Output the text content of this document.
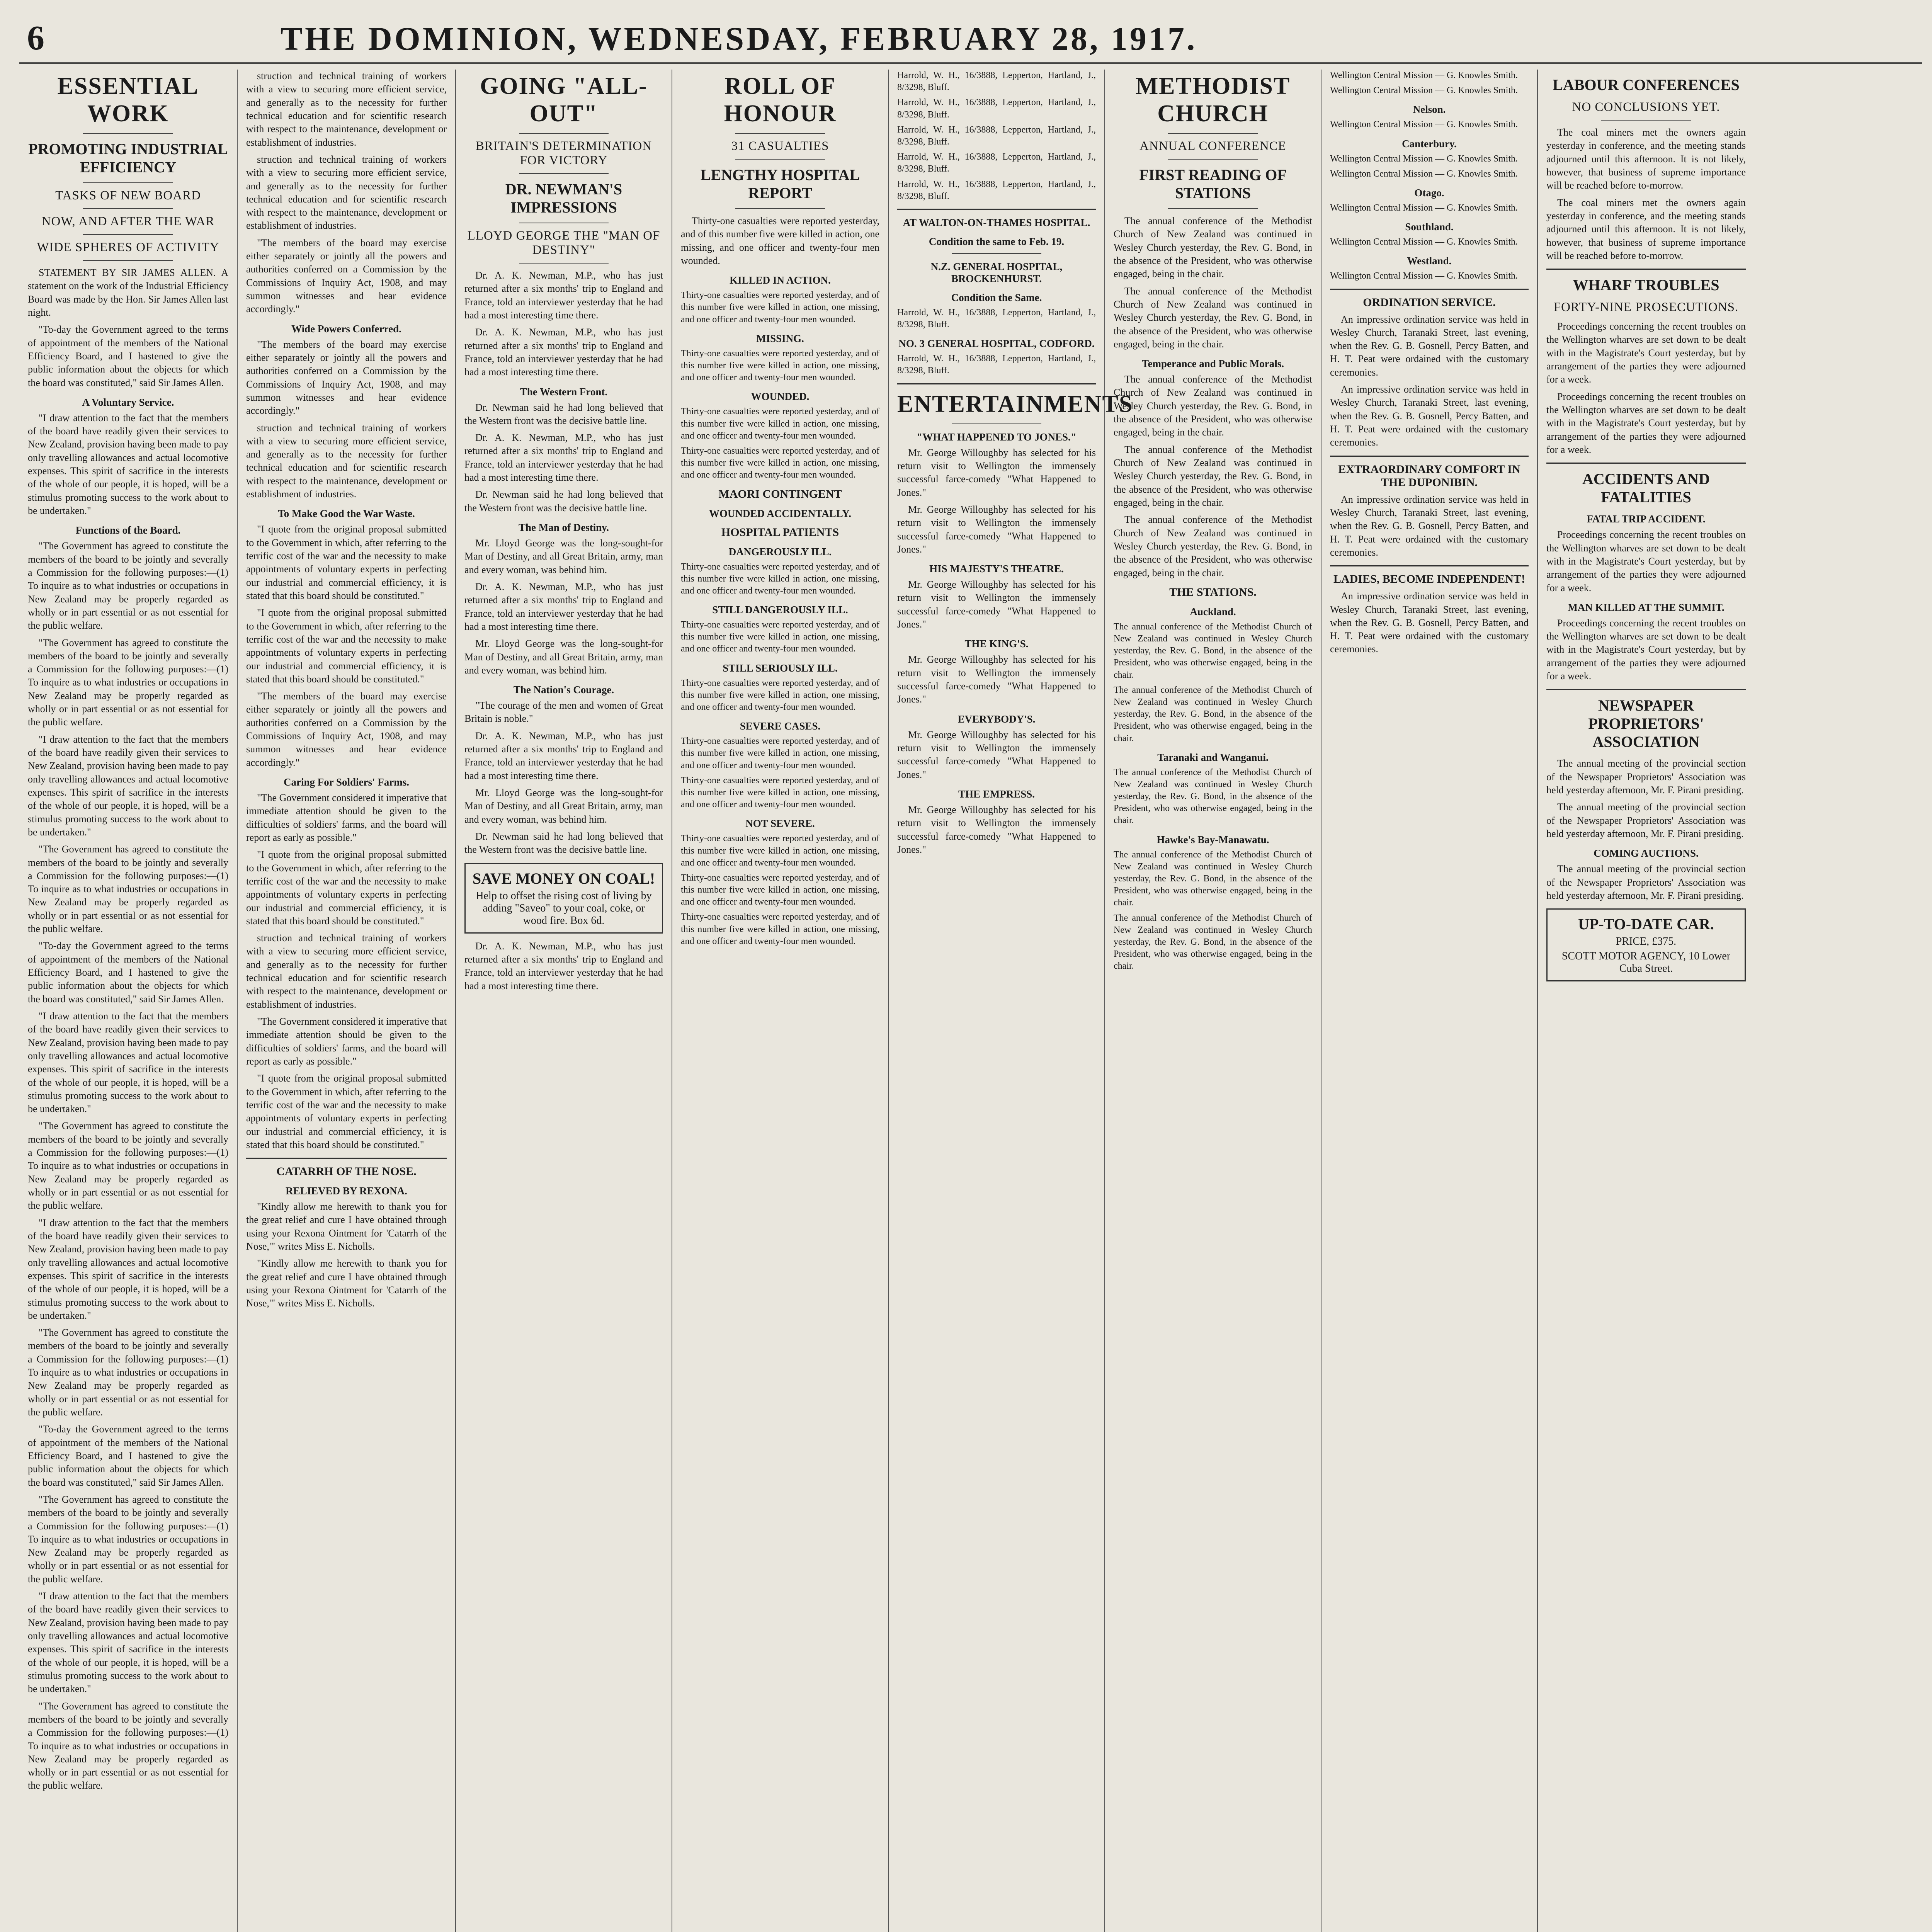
6	THE DOMINION, WEDNESDAY, FEBRUARY 28, 1917.
ESSENTIAL WORK
PROMOTING INDUSTRIAL EFFICIENCY
TASKS OF NEW BOARD
NOW, AND AFTER THE WAR
WIDE SPHERES OF ACTIVITY

STATEMENT BY SIR JAMES ALLEN. A statement on the work of the Industrial Efficiency Board was made by the Hon. Sir James Allen last night.

"To-day the Government agreed to the terms of appointment of the members of the National Efficiency Board, and I hastened to give the public information about the objects for which the board was constituted," said Sir James Allen.

A Voluntary Service.

"I draw attention to the fact that the members of the board have readily given their services to New Zealand, provision having been made to pay only travelling allowances and actual locomotive expenses. This spirit of sacrifice in the interests of the whole of our people, it is hoped, will be a stimulus promoting success to the work about to be undertaken."

Functions of the Board.

"The Government has agreed to constitute the members of the board to be jointly and severally a Commission for the following purposes:—(1) To inquire as to what industries or occupations in New Zealand may be properly regarded as wholly or in part essential or as not essential for the public welfare.

"The Government has agreed to constitute the members of the board to be jointly and severally a Commission for the following purposes:—(1) To inquire as to what industries or occupations in New Zealand may be properly regarded as wholly or in part essential or as not essential for the public welfare.

"I draw attention to the fact that the members of the board have readily given their services to New Zealand, provision having been made to pay only travelling allowances and actual locomotive expenses. This spirit of sacrifice in the interests of the whole of our people, it is hoped, will be a stimulus promoting success to the work about to be undertaken."

"The Government has agreed to constitute the members of the board to be jointly and severally a Commission for the following purposes:—(1) To inquire as to what industries or occupations in New Zealand may be properly regarded as wholly or in part essential or as not essential for the public welfare.

"To-day the Government agreed to the terms of appointment of the members of the National Efficiency Board, and I hastened to give the public information about the objects for which the board was constituted," said Sir James Allen.

"I draw attention to the fact that the members of the board have readily given their services to New Zealand, provision having been made to pay only travelling allowances and actual locomotive expenses. This spirit of sacrifice in the interests of the whole of our people, it is hoped, will be a stimulus promoting success to the work about to be undertaken."

"The Government has agreed to constitute the members of the board to be jointly and severally a Commission for the following purposes:—(1) To inquire as to what industries or occupations in New Zealand may be properly regarded as wholly or in part essential or as not essential for the public welfare.

"I draw attention to the fact that the members of the board have readily given their services to New Zealand, provision having been made to pay only travelling allowances and actual locomotive expenses. This spirit of sacrifice in the interests of the whole of our people, it is hoped, will be a stimulus promoting success to the work about to be undertaken."

"The Government has agreed to constitute the members of the board to be jointly and severally a Commission for the following purposes:—(1) To inquire as to what industries or occupations in New Zealand may be properly regarded as wholly or in part essential or as not essential for the public welfare.

"To-day the Government agreed to the terms of appointment of the members of the National Efficiency Board, and I hastened to give the public information about the objects for which the board was constituted," said Sir James Allen.

"The Government has agreed to constitute the members of the board to be jointly and severally a Commission for the following purposes:—(1) To inquire as to what industries or occupations in New Zealand may be properly regarded as wholly or in part essential or as not essential for the public welfare.

"I draw attention to the fact that the members of the board have readily given their services to New Zealand, provision having been made to pay only travelling allowances and actual locomotive expenses. This spirit of sacrifice in the interests of the whole of our people, it is hoped, will be a stimulus promoting success to the work about to be undertaken."

"The Government has agreed to constitute the members of the board to be jointly and severally a Commission for the following purposes:—(1) To inquire as to what industries or occupations in New Zealand may be properly regarded as wholly or in part essential or as not essential for the public welfare.

struction and technical training of workers with a view to securing more efficient service, and generally as to the necessity for further technical education and for scientific research with respect to the maintenance, development or establishment of industries.

struction and technical training of workers with a view to securing more efficient service, and generally as to the necessity for further technical education and for scientific research with respect to the maintenance, development or establishment of industries.

"The members of the board may exercise either separately or jointly all the powers and authorities conferred on a Commission by the Commissions of Inquiry Act, 1908, and may summon witnesses and hear evidence accordingly."

Wide Powers Conferred.

"The members of the board may exercise either separately or jointly all the powers and authorities conferred on a Commission by the Commissions of Inquiry Act, 1908, and may summon witnesses and hear evidence accordingly."

struction and technical training of workers with a view to securing more efficient service, and generally as to the necessity for further technical education and for scientific research with respect to the maintenance, development or establishment of industries.

To Make Good the War Waste.

"I quote from the original proposal submitted to the Government in which, after referring to the terrific cost of the war and the necessity to make appointments of voluntary experts in perfecting our industrial and commercial efficiency, it is stated that this board should be constituted."

"I quote from the original proposal submitted to the Government in which, after referring to the terrific cost of the war and the necessity to make appointments of voluntary experts in perfecting our industrial and commercial efficiency, it is stated that this board should be constituted."

"The members of the board may exercise either separately or jointly all the powers and authorities conferred on a Commission by the Commissions of Inquiry Act, 1908, and may summon witnesses and hear evidence accordingly."

Caring For Soldiers' Farms.

"The Government considered it imperative that immediate attention should be given to the difficulties of soldiers' farms, and the board will report as early as possible."

"I quote from the original proposal submitted to the Government in which, after referring to the terrific cost of the war and the necessity to make appointments of voluntary experts in perfecting our industrial and commercial efficiency, it is stated that this board should be constituted."

struction and technical training of workers with a view to securing more efficient service, and generally as to the necessity for further technical education and for scientific research with respect to the maintenance, development or establishment of industries.

"The Government considered it imperative that immediate attention should be given to the difficulties of soldiers' farms, and the board will report as early as possible."

"I quote from the original proposal submitted to the Government in which, after referring to the terrific cost of the war and the necessity to make appointments of voluntary experts in perfecting our industrial and commercial efficiency, it is stated that this board should be constituted."

CATARRH OF THE NOSE.
RELIEVED BY REXONA.

"Kindly allow me herewith to thank you for the great relief and cure I have obtained through using your Rexona Ointment for 'Catarrh of the Nose,'" writes Miss E. Nicholls.

"Kindly allow me herewith to thank you for the great relief and cure I have obtained through using your Rexona Ointment for 'Catarrh of the Nose,'" writes Miss E. Nicholls.

GOING "ALL-OUT"
BRITAIN'S DETERMINATION FOR VICTORY
DR. NEWMAN'S IMPRESSIONS
LLOYD GEORGE THE "MAN OF DESTINY"

Dr. A. K. Newman, M.P., who has just returned after a six months' trip to England and France, told an interviewer yesterday that he had had a most interesting time there.

Dr. A. K. Newman, M.P., who has just returned after a six months' trip to England and France, told an interviewer yesterday that he had had a most interesting time there.

The Western Front.

Dr. Newman said he had long believed that the Western front was the decisive battle line.

Dr. A. K. Newman, M.P., who has just returned after a six months' trip to England and France, told an interviewer yesterday that he had had a most interesting time there.

Dr. Newman said he had long believed that the Western front was the decisive battle line.

The Man of Destiny.

Mr. Lloyd George was the long-sought-for Man of Destiny, and all Great Britain, army, man and every woman, was behind him.

Dr. A. K. Newman, M.P., who has just returned after a six months' trip to England and France, told an interviewer yesterday that he had had a most interesting time there.

Mr. Lloyd George was the long-sought-for Man of Destiny, and all Great Britain, army, man and every woman, was behind him.

The Nation's Courage.

"The courage of the men and women of Great Britain is noble."

Dr. A. K. Newman, M.P., who has just returned after a six months' trip to England and France, told an interviewer yesterday that he had had a most interesting time there.

Mr. Lloyd George was the long-sought-for Man of Destiny, and all Great Britain, army, man and every woman, was behind him.

Dr. Newman said he had long believed that the Western front was the decisive battle line.

SAVE MONEY ON COAL!
Help to offset the rising cost of living by adding "Saveo" to your coal, coke, or wood fire. Box 6d.

Dr. A. K. Newman, M.P., who has just returned after a six months' trip to England and France, told an interviewer yesterday that he had had a most interesting time there.

ROLL OF HONOUR
31 CASUALTIES
LENGTHY HOSPITAL REPORT

Thirty-one casualties were reported yesterday, and of this number five were killed in action, one missing, and one officer and twenty-four men wounded.

KILLED IN ACTION.

Thirty-one casualties were reported yesterday, and of this number five were killed in action, one missing, and one officer and twenty-four men wounded.

MISSING.

Thirty-one casualties were reported yesterday, and of this number five were killed in action, one missing, and one officer and twenty-four men wounded.

WOUNDED.

Thirty-one casualties were reported yesterday, and of this number five were killed in action, one missing, and one officer and twenty-four men wounded.

Thirty-one casualties were reported yesterday, and of this number five were killed in action, one missing, and one officer and twenty-four men wounded.

MAORI CONTINGENT
WOUNDED ACCIDENTALLY.
HOSPITAL PATIENTS
DANGEROUSLY ILL.

Thirty-one casualties were reported yesterday, and of this number five were killed in action, one missing, and one officer and twenty-four men wounded.

STILL DANGEROUSLY ILL.

Thirty-one casualties were reported yesterday, and of this number five were killed in action, one missing, and one officer and twenty-four men wounded.

STILL SERIOUSLY ILL.

Thirty-one casualties were reported yesterday, and of this number five were killed in action, one missing, and one officer and twenty-four men wounded.

SEVERE CASES.

Thirty-one casualties were reported yesterday, and of this number five were killed in action, one missing, and one officer and twenty-four men wounded.

Thirty-one casualties were reported yesterday, and of this number five were killed in action, one missing, and one officer and twenty-four men wounded.

NOT SEVERE.

Thirty-one casualties were reported yesterday, and of this number five were killed in action, one missing, and one officer and twenty-four men wounded.

Thirty-one casualties were reported yesterday, and of this number five were killed in action, one missing, and one officer and twenty-four men wounded.

Thirty-one casualties were reported yesterday, and of this number five were killed in action, one missing, and one officer and twenty-four men wounded.

Harrold, W. H., 16/3888, Lepperton, Hartland, J., 8/3298, Bluff.

Harrold, W. H., 16/3888, Lepperton, Hartland, J., 8/3298, Bluff.

Harrold, W. H., 16/3888, Lepperton, Hartland, J., 8/3298, Bluff.

Harrold, W. H., 16/3888, Lepperton, Hartland, J., 8/3298, Bluff.

Harrold, W. H., 16/3888, Lepperton, Hartland, J., 8/3298, Bluff.

AT WALTON-ON-THAMES HOSPITAL.
Condition the same to Feb. 19.
N.Z. GENERAL HOSPITAL, BROCKENHURST.
Condition the Same.

Harrold, W. H., 16/3888, Lepperton, Hartland, J., 8/3298, Bluff.

NO. 3 GENERAL HOSPITAL, CODFORD.

Harrold, W. H., 16/3888, Lepperton, Hartland, J., 8/3298, Bluff.

ENTERTAINMENTS
"WHAT HAPPENED TO JONES."

Mr. George Willoughby has selected for his return visit to Wellington the immensely successful farce-comedy "What Happened to Jones."

Mr. George Willoughby has selected for his return visit to Wellington the immensely successful farce-comedy "What Happened to Jones."

HIS MAJESTY'S THEATRE.

Mr. George Willoughby has selected for his return visit to Wellington the immensely successful farce-comedy "What Happened to Jones."

THE KING'S.

Mr. George Willoughby has selected for his return visit to Wellington the immensely successful farce-comedy "What Happened to Jones."

EVERYBODY'S.

Mr. George Willoughby has selected for his return visit to Wellington the immensely successful farce-comedy "What Happened to Jones."

THE EMPRESS.

Mr. George Willoughby has selected for his return visit to Wellington the immensely successful farce-comedy "What Happened to Jones."

METHODIST CHURCH
ANNUAL CONFERENCE
FIRST READING OF STATIONS

The annual conference of the Methodist Church of New Zealand was continued in Wesley Church yesterday, the Rev. G. Bond, in the absence of the President, who was otherwise engaged, being in the chair.

The annual conference of the Methodist Church of New Zealand was continued in Wesley Church yesterday, the Rev. G. Bond, in the absence of the President, who was otherwise engaged, being in the chair.

Temperance and Public Morals.

The annual conference of the Methodist Church of New Zealand was continued in Wesley Church yesterday, the Rev. G. Bond, in the absence of the President, who was otherwise engaged, being in the chair.

The annual conference of the Methodist Church of New Zealand was continued in Wesley Church yesterday, the Rev. G. Bond, in the absence of the President, who was otherwise engaged, being in the chair.

The annual conference of the Methodist Church of New Zealand was continued in Wesley Church yesterday, the Rev. G. Bond, in the absence of the President, who was otherwise engaged, being in the chair.

THE STATIONS.
Auckland.

The annual conference of the Methodist Church of New Zealand was continued in Wesley Church yesterday, the Rev. G. Bond, in the absence of the President, who was otherwise engaged, being in the chair.

The annual conference of the Methodist Church of New Zealand was continued in Wesley Church yesterday, the Rev. G. Bond, in the absence of the President, who was otherwise engaged, being in the chair.

Taranaki and Wanganui.

The annual conference of the Methodist Church of New Zealand was continued in Wesley Church yesterday, the Rev. G. Bond, in the absence of the President, who was otherwise engaged, being in the chair.

Hawke's Bay-Manawatu.

The annual conference of the Methodist Church of New Zealand was continued in Wesley Church yesterday, the Rev. G. Bond, in the absence of the President, who was otherwise engaged, being in the chair.

The annual conference of the Methodist Church of New Zealand was continued in Wesley Church yesterday, the Rev. G. Bond, in the absence of the President, who was otherwise engaged, being in the chair.

Wellington Central Mission — G. Knowles Smith.

Wellington Central Mission — G. Knowles Smith.

Nelson.

Wellington Central Mission — G. Knowles Smith.

Canterbury.

Wellington Central Mission — G. Knowles Smith.

Wellington Central Mission — G. Knowles Smith.

Otago.

Wellington Central Mission — G. Knowles Smith.

Southland.

Wellington Central Mission — G. Knowles Smith.

Westland.

Wellington Central Mission — G. Knowles Smith.

ORDINATION SERVICE.

An impressive ordination service was held in Wesley Church, Taranaki Street, last evening, when the Rev. G. B. Gosnell, Percy Batten, and H. T. Peat were ordained with the customary ceremonies.

An impressive ordination service was held in Wesley Church, Taranaki Street, last evening, when the Rev. G. B. Gosnell, Percy Batten, and H. T. Peat were ordained with the customary ceremonies.

EXTRAORDINARY COMFORT IN THE DUPONIBIN.

An impressive ordination service was held in Wesley Church, Taranaki Street, last evening, when the Rev. G. B. Gosnell, Percy Batten, and H. T. Peat were ordained with the customary ceremonies.

LADIES, BECOME INDEPENDENT!

An impressive ordination service was held in Wesley Church, Taranaki Street, last evening, when the Rev. G. B. Gosnell, Percy Batten, and H. T. Peat were ordained with the customary ceremonies.

LABOUR CONFERENCES
NO CONCLUSIONS YET.

The coal miners met the owners again yesterday in conference, and the meeting stands adjourned until this afternoon. It is not likely, however, that business of supreme importance will be reached before to-morrow.

The coal miners met the owners again yesterday in conference, and the meeting stands adjourned until this afternoon. It is not likely, however, that business of supreme importance will be reached before to-morrow.

WHARF TROUBLES
FORTY-NINE PROSECUTIONS.

Proceedings concerning the recent troubles on the Wellington wharves are set down to be dealt with in the Magistrate's Court yesterday, but by arrangement of the parties they were adjourned for a week.

Proceedings concerning the recent troubles on the Wellington wharves are set down to be dealt with in the Magistrate's Court yesterday, but by arrangement of the parties they were adjourned for a week.

ACCIDENTS AND FATALITIES
FATAL TRIP ACCIDENT.

Proceedings concerning the recent troubles on the Wellington wharves are set down to be dealt with in the Magistrate's Court yesterday, but by arrangement of the parties they were adjourned for a week.

MAN KILLED AT THE SUMMIT.

Proceedings concerning the recent troubles on the Wellington wharves are set down to be dealt with in the Magistrate's Court yesterday, but by arrangement of the parties they were adjourned for a week.

NEWSPAPER PROPRIETORS' ASSOCIATION

The annual meeting of the provincial section of the Newspaper Proprietors' Association was held yesterday afternoon, Mr. F. Pirani presiding.

The annual meeting of the provincial section of the Newspaper Proprietors' Association was held yesterday afternoon, Mr. F. Pirani presiding.

COMING AUCTIONS.

The annual meeting of the provincial section of the Newspaper Proprietors' Association was held yesterday afternoon, Mr. F. Pirani presiding.

UP-TO-DATE CAR.
PRICE, £375.
SCOTT MOTOR AGENCY, 10 Lower Cuba Street.
